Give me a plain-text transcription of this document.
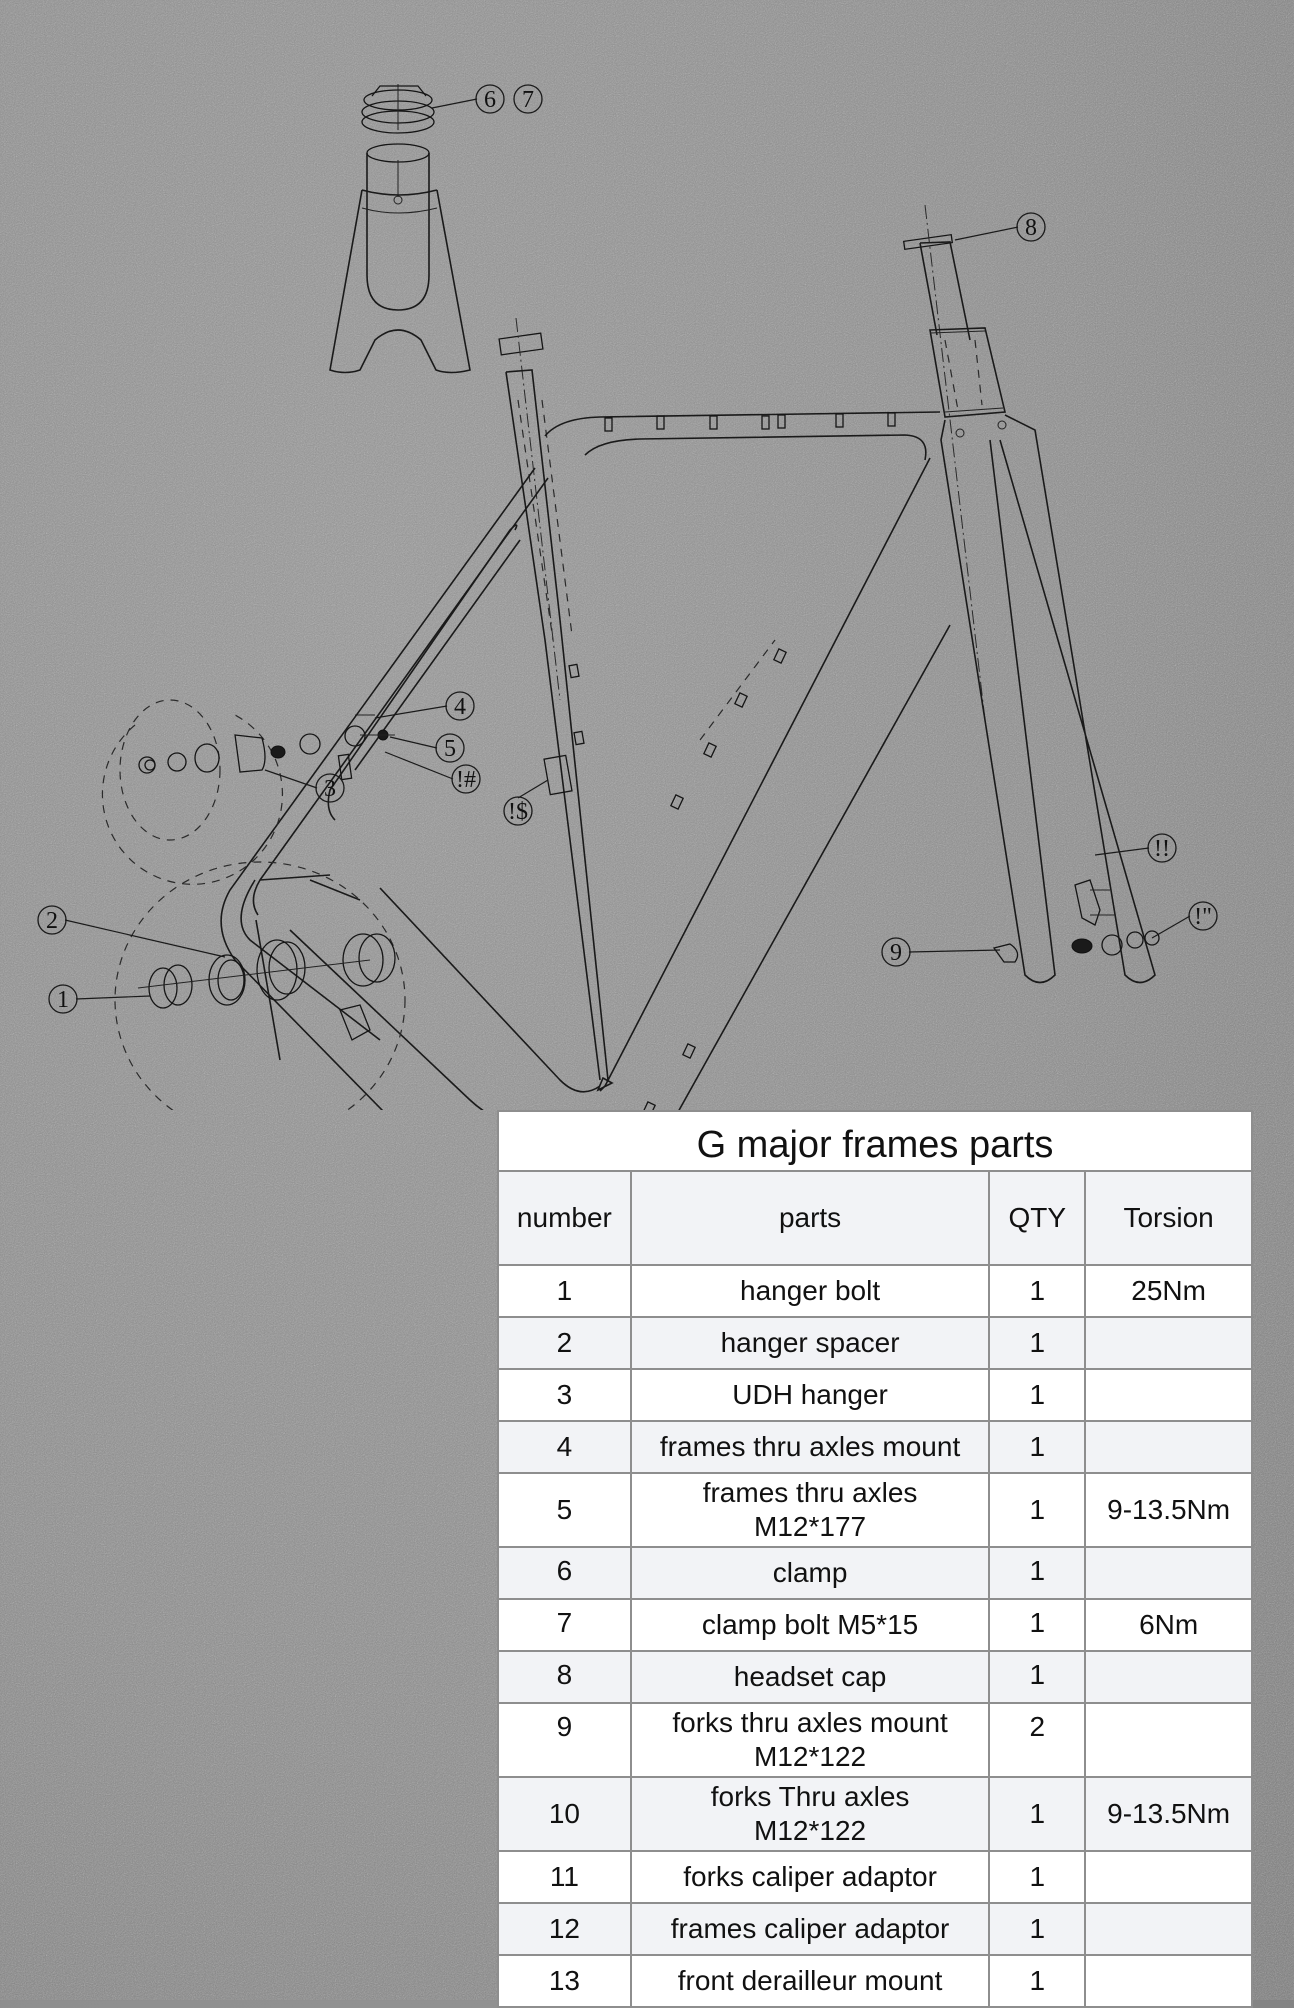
1
2
3
4
5
6 7
8
9
!!
!"
!#
!$
G major frames parts			
number	parts	QTY	Torsion
1	hanger bolt	1	25Nm
2	hanger spacer	1	
3	UDH hanger	1	
4	frames thru axles mount	1	
5	frames thru axles
M12*177	1	9-13.5Nm
6	clamp	1	
7	clamp bolt M5*15	1	6Nm
8	headset cap	1	
9	forks thru axles mount
M12*122	2	
10	forks Thru axles
M12*122	1	9-13.5Nm
11	forks caliper adaptor	1	
12	frames caliper adaptor	1	
13	front derailleur mount	1	
